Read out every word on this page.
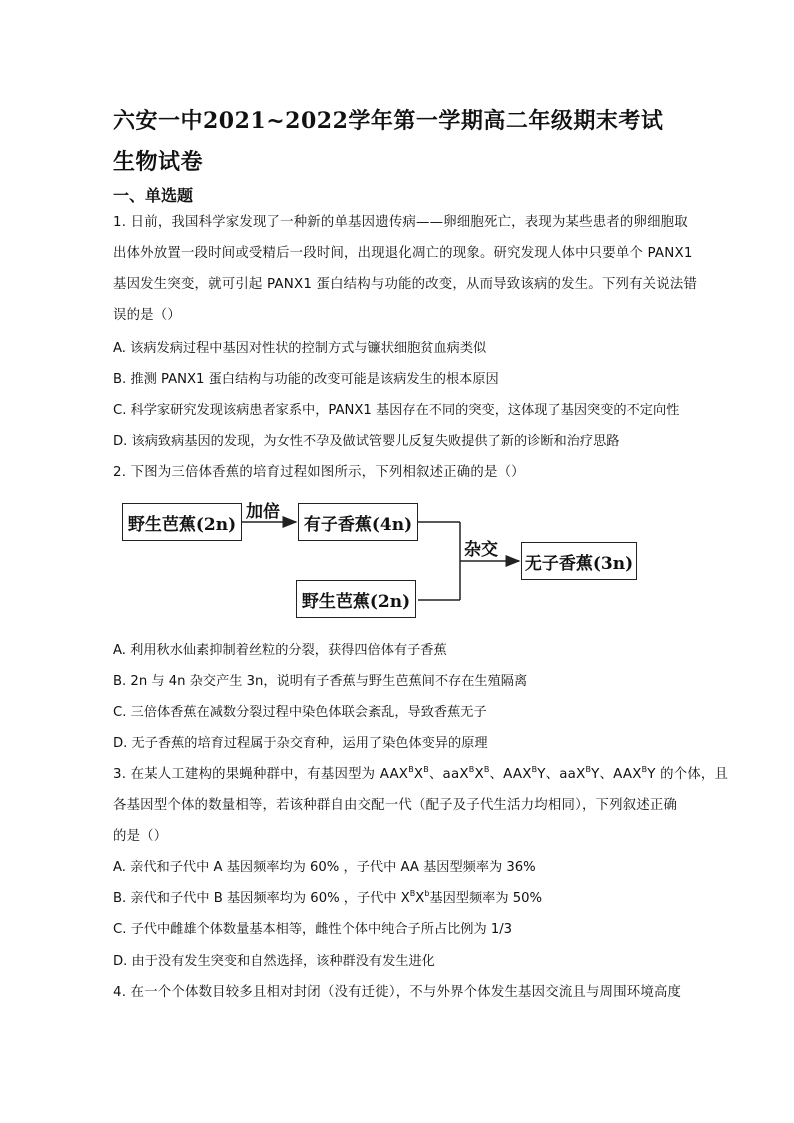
六安一中2021~2022学年第一学期高二年级期末考试
生物试卷
一、单选题
1. 日前，我国科学家发现了一种新的单基因遗传病——卵细胞死亡，表现为某些患者的卵细胞取
出体外放置一段时间或受精后一段时间，出现退化凋亡的现象。研究发现人体中只要单个 PANX1
基因发生突变，就可引起 PANX1 蛋白结构与功能的改变，从而导致该病的发生。下列有关说法错
误的是（）
A. 该病发病过程中基因对性状的控制方式与镰状细胞贫血病类似
B. 推测 PANX1 蛋白结构与功能的改变可能是该病发生的根本原因
C. 科学家研究发现该病患者家系中，PANX1 基因存在不同的突变，这体现了基因突变的不定向性
D. 该病致病基因的发现，为女性不孕及做试管婴儿反复失败提供了新的诊断和治疗思路
2. 下图为三倍体香蕉的培育过程如图所示，下列相叙述正确的是（）
野生芭蕉(2n)
加倍
有子香蕉(4n)
杂交
无子香蕉(3n)
野生芭蕉(2n)
A. 利用秋水仙素抑制着丝粒的分裂，获得四倍体有子香蕉
B. 2n 与 4n 杂交产生 3n，说明有子香蕉与野生芭蕉间不存在生殖隔离
C. 三倍体香蕉在减数分裂过程中染色体联会紊乱，导致香蕉无子
D. 无子香蕉的培育过程属于杂交育种，运用了染色体变异的原理
3. 在某人工建构的果蝇种群中，有基因型为 $AAX^BX^B$、$aaX^BX^B$、$AAX^BY$、aaX$^B$Y、$AAX^BY$ 的个体，且
各基因型个体的数量相等，若该种群自由交配一代（配子及子代生活力均相同），下列叙述正确
的是（）
A. 亲代和子代中 A 基因频率均为 60% ，子代中 AA 基因型频率为 36%
B. 亲代和子代中 B 基因频率均为 60% ，子代中 $X^BX^b$基因型频率为 50%
C. 子代中雌雄个体数量基本相等，雌性个体中纯合子所占比例为 1/3
D. 由于没有发生突变和自然选择，该种群没有发生进化
4. 在一个个体数目较多且相对封闭（没有迁徙），不与外界个体发生基因交流且与周围环境高度
